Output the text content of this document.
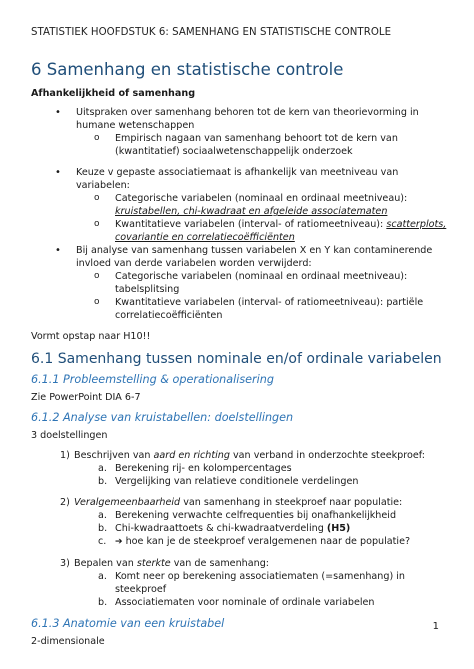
STATISTIEK HOOFDSTUK 6: SAMENHANG EN STATISTISCHE CONTROLE
6 Samenhang en statistische controle
Afhankelijkheid of samenhang
• Uitspraken over samenhang behoren tot de kern van theorievorming in humane wetenschappen
o Empirisch nagaan van samenhang behoort tot de kern van (kwantitatief) sociaalwetenschappelijk onderzoek
• Keuze v gepaste associatiemaat is afhankelijk van meetniveau van variabelen:
o Categorische variabelen (nominaal en ordinaal meetniveau):
kruistabellen, chi-kwadraat en afgeleide associatematen
o Kwantitatieve variabelen (interval- of ratiomeetniveau): scatterplots, covariantie en correlatiecoëfficiënten
• Bij analyse van samenhang tussen variabelen X en Y kan contaminerende invloed van derde variabelen worden verwijderd:
o Categorische variabelen (nominaal en ordinaal meetniveau): tabelsplitsing
o Kwantitatieve variabelen (interval- of ratiomeetniveau): partiële correlatiecoëfficiënten
Vormt opstap naar H10!!
6.1 Samenhang tussen nominale en/of ordinale variabelen
6.1.1 Probleemstelling & operationalisering
Zie PowerPoint DIA 6-7
6.1.2 Analyse van kruistabellen: doelstellingen
3 doelstellingen
1) Beschrijven van aard en richting van verband in onderzochte steekproef:
a. Berekening rij- en kolompercentages
b. Vergelijking van relatieve conditionele verdelingen
2) Veralgemeenbaarheid van samenhang in steekproef naar populatie:
a. Berekening verwachte celfrequenties bij onafhankelijkheid
b. Chi-kwadraattoets & chi-kwadraatverdeling (H5)
c. ➔ hoe kan je de steekproef veralgemenen naar de populatie?
3) Bepalen van sterkte van de samenhang:
a. Komt neer op berekening associatiematen (=samenhang) in steekproef
b. Associatiematen voor nominale of ordinale variabelen
6.1.3 Anatomie van een kruistabel
2-dimensionale
1
